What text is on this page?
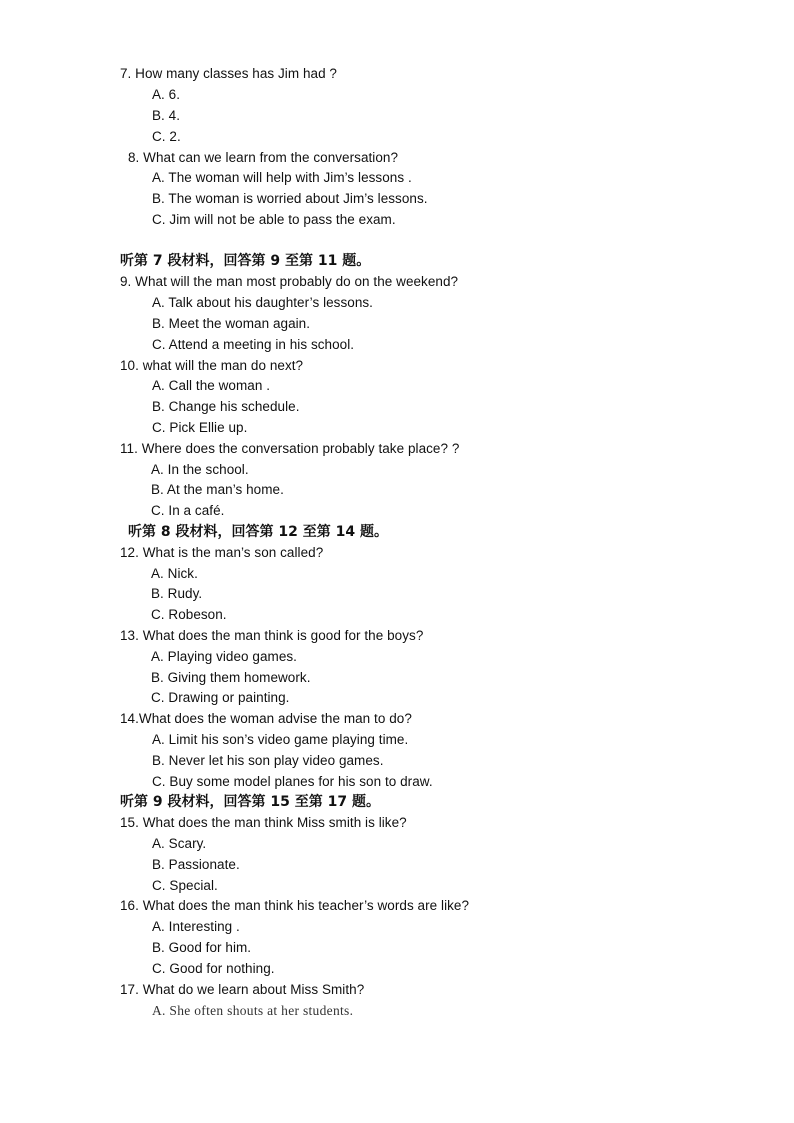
7. How many classes has Jim had ?
A. 6.
B. 4.
C. 2.
8. What can we learn from the conversation?
A. The woman will help with Jim’s lessons .
B. The woman is worried about Jim’s lessons.
C. Jim will not be able to pass the exam.
听第 7 段材料，回答第 9 至第 11 题。
9. What will the man most probably do on the weekend?
A. Talk about his daughter’s lessons.
B. Meet the woman again.
C. Attend a meeting in his school.
10. what will the man do next?
A. Call the woman .
B. Change his schedule.
C. Pick Ellie up.
11. Where does the conversation probably take place? ?
A. In the school.
B. At the man’s home.
C. In a café.
听第 8 段材料，回答第 12 至第 14 题。
12. What is the man’s son called?
A. Nick.
B. Rudy.
C. Robeson.
13. What does the man think is good for the boys?
A. Playing video games.
B. Giving them homework.
C. Drawing or painting.
14.What does the woman advise the man to do?
A. Limit his son’s video game playing time.
B. Never let his son play video games.
C. Buy some model planes for his son to draw.
听第 9 段材料，回答第 15 至第 17 题。
15. What does the man think Miss smith is like?
A. Scary.
B. Passionate.
C. Special.
16. What does the man think his teacher’s words are like?
A. Interesting .
B. Good for him.
C. Good for nothing.
17. What do we learn about Miss Smith?
A. She often shouts at her students.
